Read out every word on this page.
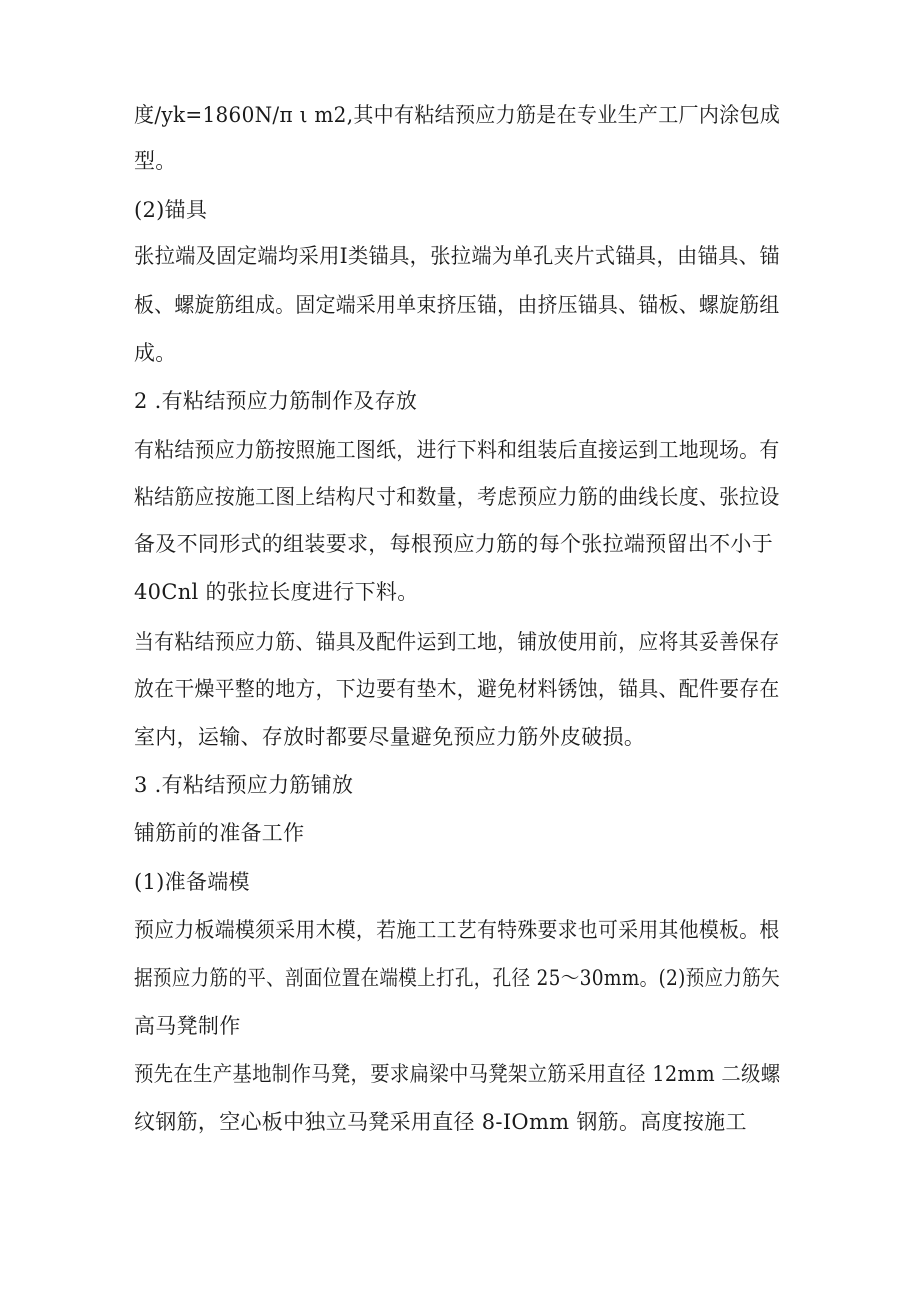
度/yk=1860N/π ι m2,其中有粘结预应力筋是在专业生产工厂内涂包成
型。
(2)锚具
张拉端及固定端均采用Ⅰ类锚具，张拉端为单孔夹片式锚具，由锚具、锚
板、螺旋筋组成。固定端采用单束挤压锚，由挤压锚具、锚板、螺旋筋组
成。
2 .有粘结预应力筋制作及存放
有粘结预应力筋按照施工图纸，进行下料和组装后直接运到工地现场。有
粘结筋应按施工图上结构尺寸和数量，考虑预应力筋的曲线长度、张拉设
备及不同形式的组装要求，每根预应力筋的每个张拉端预留出不小于
40Cnl 的张拉长度进行下料。
当有粘结预应力筋、锚具及配件运到工地，铺放使用前，应将其妥善保存
放在干燥平整的地方，下边要有垫木，避免材料锈蚀，锚具、配件要存在
室内，运输、存放时都要尽量避免预应力筋外皮破损。
3 .有粘结预应力筋铺放
铺筋前的准备工作
(1)准备端模
预应力板端模须采用木模，若施工工艺有特殊要求也可采用其他模板。根
据预应力筋的平、剖面位置在端模上打孔，孔径 25～30mm。(2)预应力筋矢
高马凳制作
预先在生产基地制作马凳，要求扁梁中马凳架立筋采用直径 12mm 二级螺
纹钢筋，空心板中独立马凳采用直径 8-IOmm 钢筋。高度按施工
